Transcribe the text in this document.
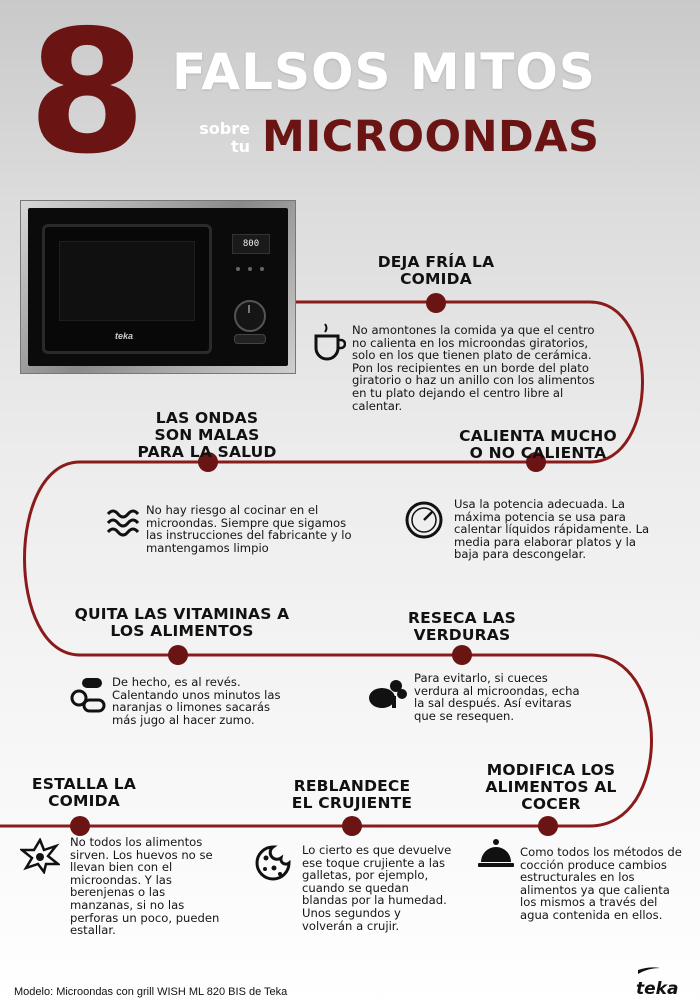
8 FALSOS MITOS
sobre tu MICROONDAS
teka
800
DEJA FRÍA LA COMIDA
No amontones la comida ya que el centro no calienta en los microondas giratorios, solo en los que tienen plato de cerámica. Pon los recipientes en un borde del plato giratorio o haz un anillo con los alimentos en tu plato dejando el centro libre al calentar.
LAS ONDAS SON MALAS PARA LA SALUD
No hay riesgo al cocinar en el microondas. Siempre que sigamos las instrucciones del fabricante y lo mantengamos limpio
CALIENTA MUCHO O NO CALIENTA
Usa la potencia adecuada. La máxima potencia se usa para calentar líquidos rápidamente. La media para elaborar platos y la baja para descongelar.
QUITA LAS VITAMINAS A LOS ALIMENTOS
De hecho, es al revés. Calentando unos minutos las naranjas o limones sacarás más jugo al hacer zumo.
RESECA LAS VERDURAS
Para evitarlo, si cueces verdura al microondas, echa la sal después. Así evitaras que se resequen.
ESTALLA LA COMIDA
No todos los alimentos sirven. Los huevos no se llevan bien con el microondas. Y las berenjenas o las manzanas, si no las perforas un poco, pueden estallar.
REBLANDECE EL CRUJIENTE
Lo cierto es que devuelve ese toque crujiente a las galletas, por ejemplo, cuando se quedan blandas por la humedad. Unos segundos y volverán a crujir.
MODIFICA LOS ALIMENTOS AL COCER
Como todos los métodos de cocción produce cambios estructurales en los alimentos ya que calienta los mismos a través del agua contenida en ellos.
Modelo: Microondas con grill WISH ML 820 BIS de Teka	teka
